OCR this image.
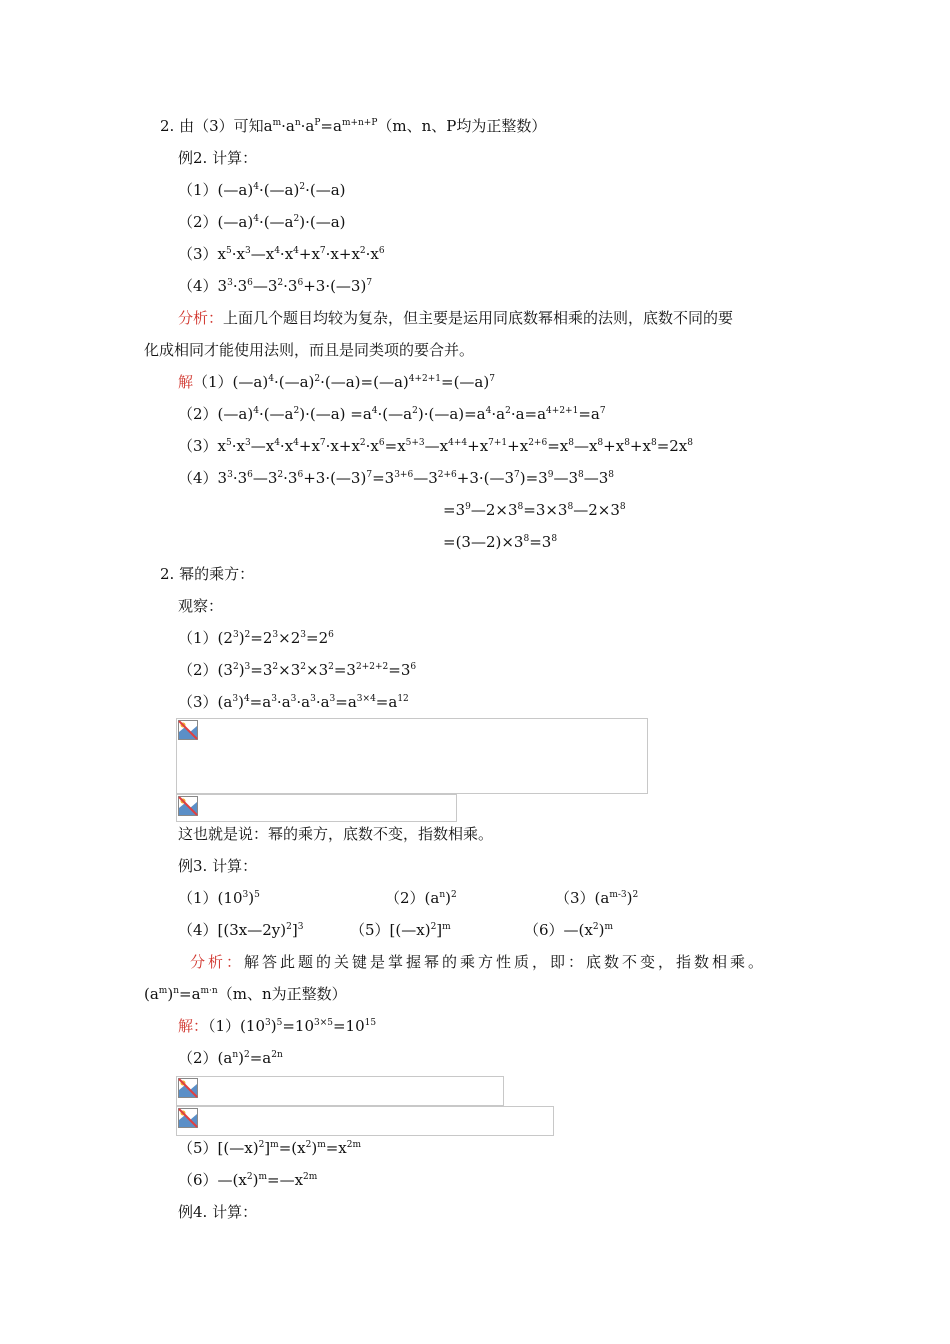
2. 由（3）可知$a^m\cdot a^n\cdot a^P=a^{m+n+P}(m$、n、P均为正整数）
例2. 计算：
（1）(—a)$^4$·(—a)$^2$·(—a)
$(2)(—a)^4\cdot(—a^2)\cdot(—a)$
$(3)x^5\cdot x^3—x^4\cdot x^4+x^7\cdot x+x^2\cdot x^6$
$(4)3^3\cdot 3^6—3^2\cdot 3^6+3\cdot(—3)^7$
分析：上面几个题目均较为复杂，但主要是运用同底数幂相乘的法则，底数不同的要
化成相同才能使用法则，而且是同类项的要合并。
解（1）(—a)$^4$·(—a)$^2$·(—a)=(—a)$^{4+2+1}$=(—a)$^7$
$(2)(—a)^4\cdot(—a^2)\cdot(—a)$ $=a^4\cdot(—a^2)\cdot(—a)=a^4\cdot a^2\cdot a=a^{4+2+1}=a^7$
$(3)x^5\cdot x^3—x^4\cdot x^4+x^7\cdot x+x^2\cdot x^6=x^{5+3}—x^{4+4}+x^{7+1}+x^{2+6}=x^8—x^8+x^8+x^8=2x^8$
$(4)3^3\cdot 3^6—3^2\cdot 3^6+3\cdot(—3)^7=3^{3+6}—3^{2+6}+3\cdot(—3^7)=3^9—3^8—3^8$
$=3^9—2\times 3^8=3\times 3^8—2\times 3^8$
$=(3—2)\times 3^8=3^8$
2. 幂的乘方：
观察：
$(1)(2^3)^2=2^3\times 2^3=2^6$
$(2)(3^2)^3=3^2\times 3^2\times 3^2=3^{2+2+2}=3^6$
$(3)(a^3)^4=a^3\cdot a^3\cdot a^3\cdot a^3=a^{3\times 4}=a^{12}$
这也就是说：幂的乘方，底数不变，指数相乘。
例3. 计算：
$(1)(10^3)^5$	$(2)(a^n)^2$	$(3)(a^{m-3})^2$
（4）[(3x—2y)$^2$]$^3$	（5）[(—x)$^2$]$^m$	$(6)—(x^2)^m$
分析：解答此题的关键是掌握幂的乘方性质，即：底数不变，指数相乘。
$(a^m)^n=a^{m\cdot n}(m$、n为正整数）
解：$(1)(10^3)^5=10^{3\times 5}=10^{15}$
$(2)(a^n)^2=a^{2n}$
$(5)[(—x)^2]^m=(x^2)^m=x^{2m}$
$(6)—(x^2)^m=—x^{2m}$
例4. 计算：
